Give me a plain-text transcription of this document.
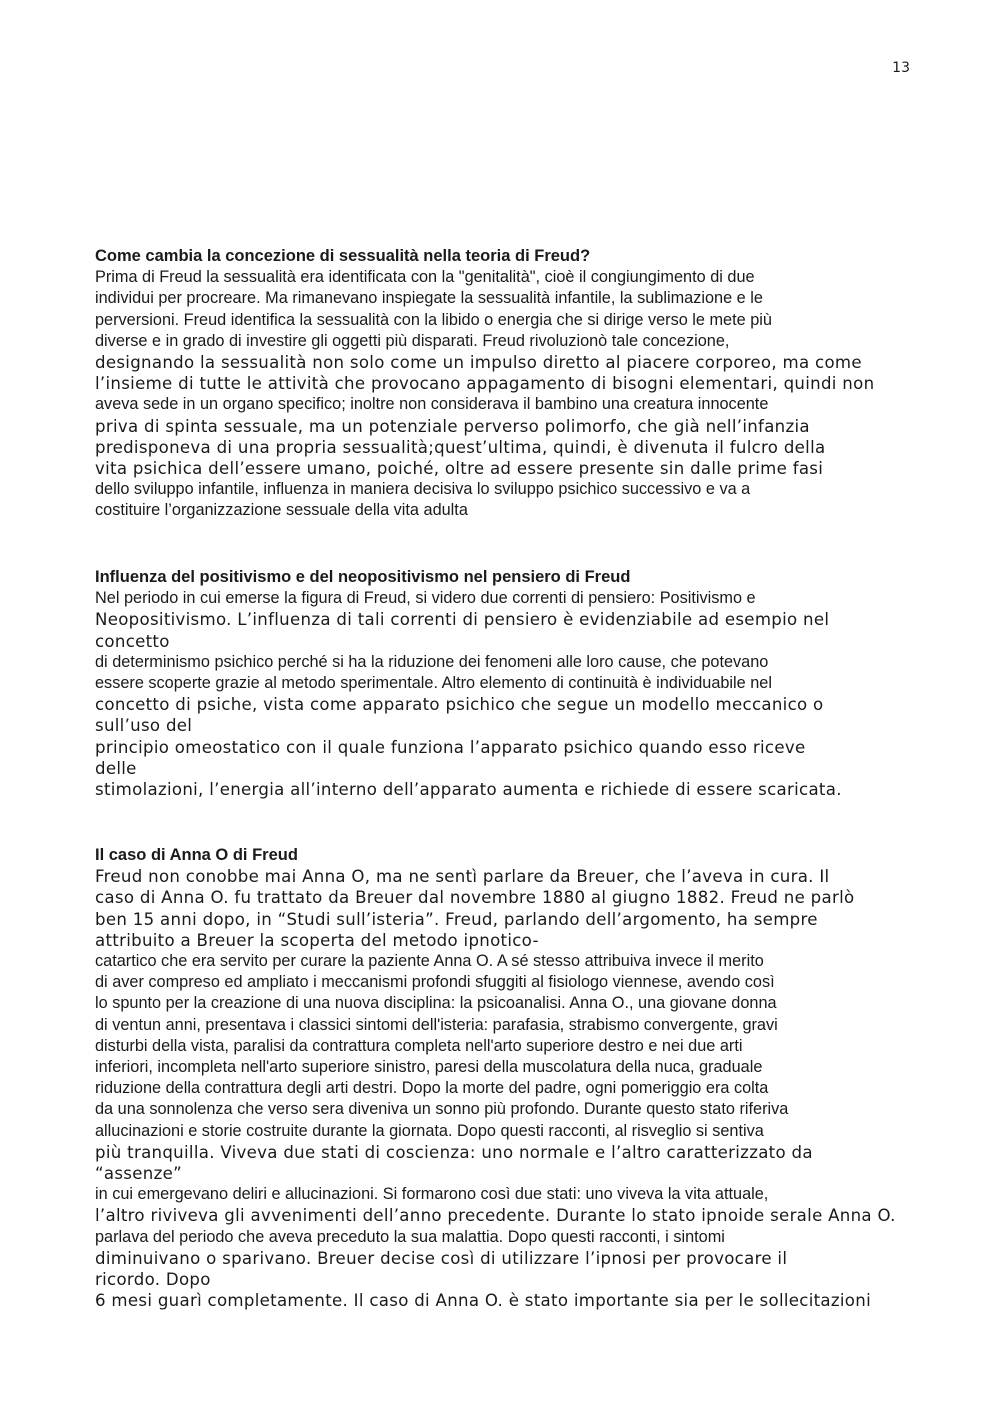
13

Come cambia la concezione di sessualità nella teoria di Freud?

Prima di Freud la sessualità era identificata con la "genitalità", cioè il congiungimento di due

individui per procreare. Ma rimanevano inspiegate la sessualità infantile, la sublimazione e le

perversioni. Freud identifica la sessualità con la libido o energia che si dirige verso le mete più

diverse e in grado di investire gli oggetti più disparati. Freud rivoluzionò tale concezione,

designando la sessualità non solo come un impulso diretto al piacere corporeo, ma come

l’insieme di tutte le attività che provocano appagamento di bisogni elementari, quindi non

aveva sede in un organo specifico; inoltre non considerava il bambino una creatura innocente

priva di spinta sessuale, ma un potenziale perverso polimorfo, che già nell’infanzia

predisponeva di una propria sessualità;quest’ultima, quindi, è divenuta il fulcro della

vita psichica dell’essere umano, poiché, oltre ad essere presente sin dalle prime fasi

dello sviluppo infantile, influenza in maniera decisiva lo sviluppo psichico successivo e va a

costituire l’organizzazione sessuale della vita adulta

Influenza del positivismo e del neopositivismo nel pensiero di Freud

Nel periodo in cui emerse la figura di Freud, si videro due correnti di pensiero: Positivismo e

Neopositivismo. L’influenza di tali correnti di pensiero è evidenziabile ad esempio nel

concetto

di determinismo psichico perché si ha la riduzione dei fenomeni alle loro cause, che potevano

essere scoperte grazie al metodo sperimentale. Altro elemento di continuità è individuabile nel

concetto di psiche, vista come apparato psichico che segue un modello meccanico o

sull’uso del

principio omeostatico con il quale funziona l’apparato psichico quando esso riceve

delle

stimolazioni, l’energia all’interno dell’apparato aumenta e richiede di essere scaricata.

Il caso di Anna O di Freud

Freud non conobbe mai Anna O, ma ne sentì parlare da Breuer, che l’aveva in cura. Il

caso di Anna O. fu trattato da Breuer dal novembre 1880 al giugno 1882. Freud ne parlò

ben 15 anni dopo, in “Studi sull’isteria”. Freud, parlando dell’argomento, ha sempre

attribuito a Breuer la scoperta del metodo ipnotico-

catartico che era servito per curare la paziente Anna O. A sé stesso attribuiva invece il merito

di aver compreso ed ampliato i meccanismi profondi sfuggiti al fisiologo viennese, avendo così

lo spunto per la creazione di una nuova disciplina: la psicoanalisi. Anna O., una giovane donna

di ventun anni, presentava i classici sintomi dell'isteria: parafasia, strabismo convergente, gravi

disturbi della vista, paralisi da contrattura completa nell'arto superiore destro e nei due arti

inferiori, incompleta nell'arto superiore sinistro, paresi della muscolatura della nuca, graduale

riduzione della contrattura degli arti destri. Dopo la morte del padre, ogni pomeriggio era colta

da una sonnolenza che verso sera diveniva un sonno più profondo. Durante questo stato riferiva

allucinazioni e storie costruite durante la giornata. Dopo questi racconti, al risveglio si sentiva

più tranquilla. Viveva due stati di coscienza: uno normale e l’altro caratterizzato da

“assenze”

in cui emergevano deliri e allucinazioni. Si formarono così due stati: uno viveva la vita attuale,

l’altro riviveva gli avvenimenti dell’anno precedente. Durante lo stato ipnoide serale Anna O.

parlava del periodo che aveva preceduto la sua malattia. Dopo questi racconti, i sintomi

diminuivano o sparivano. Breuer decise così di utilizzare l’ipnosi per provocare il

ricordo. Dopo

6 mesi guarì completamente. Il caso di Anna O. è stato importante sia per le sollecitazioni
